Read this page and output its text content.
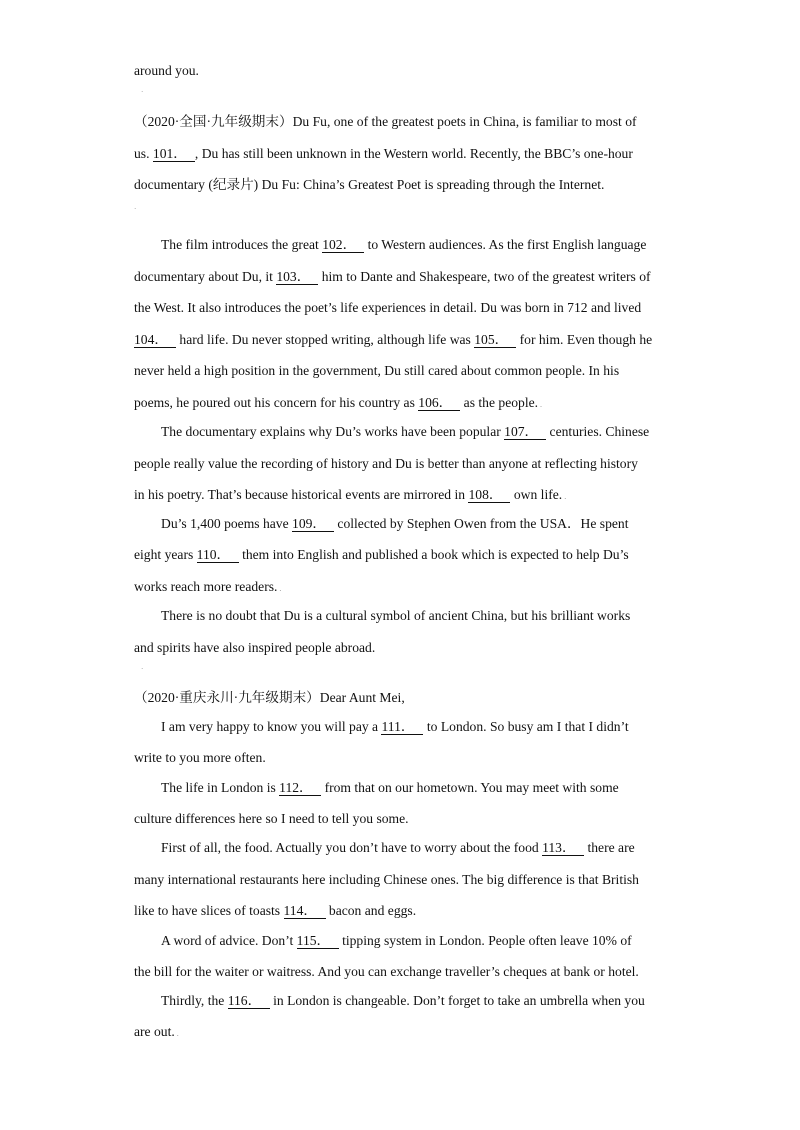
around you.
·
（2020·全国·九年级期末）Du Fu, one of the greatest poets in China, is familiar to most of
us. 101． , Du has still been unknown in the Western world. Recently, the BBC’s one-hour
documentary (纪录片) Du Fu: China’s Greatest Poet is spreading through the Internet.
·
The film introduces the great 102． to Western audiences. As the first English language
documentary about Du, it 103． him to Dante and Shakespeare, two of the greatest writers of
the West. It also introduces the poet’s life experiences in detail. Du was born in 712 and lived
104． hard life. Du never stopped writing, although life was 105． for him. Even though he
never held a high position in the government, Du still cared about common people. In his
poems, he poured out his concern for his country as 106． as the people. .
The documentary explains why Du’s works have been popular 107． centuries. Chinese
people really value the recording of history and Du is better than anyone at reflecting history
in his poetry. That’s because historical events are mirrored in 108． own life. .
Du’s 1,400 poems have 109． collected by Stephen Owen from the USA．He spent
eight years 110． them into English and published a book which is expected to help Du’s
works reach more readers. .
There is no doubt that Du is a cultural symbol of ancient China, but his brilliant works
and spirits have also inspired people abroad.
·
（2020·重庆永川·九年级期末）Dear Aunt Mei,
I am very happy to know you will pay a 111． to London. So busy am I that I didn’t
write to you more often.
The life in London is 112． from that on our hometown. You may meet with some
culture differences here so I need to tell you some.
First of all, the food. Actually you don’t have to worry about the food 113． there are
many international restaurants here including Chinese ones. The big difference is that British
like to have slices of toasts 114． bacon and eggs.
A word of advice. Don’t 115． tipping system in London. People often leave 10% of
the bill for the waiter or waitress. And you can exchange traveller’s cheques at bank or hotel.
Thirdly, the 116． in London is changeable. Don’t forget to take an umbrella when you
are out. .
